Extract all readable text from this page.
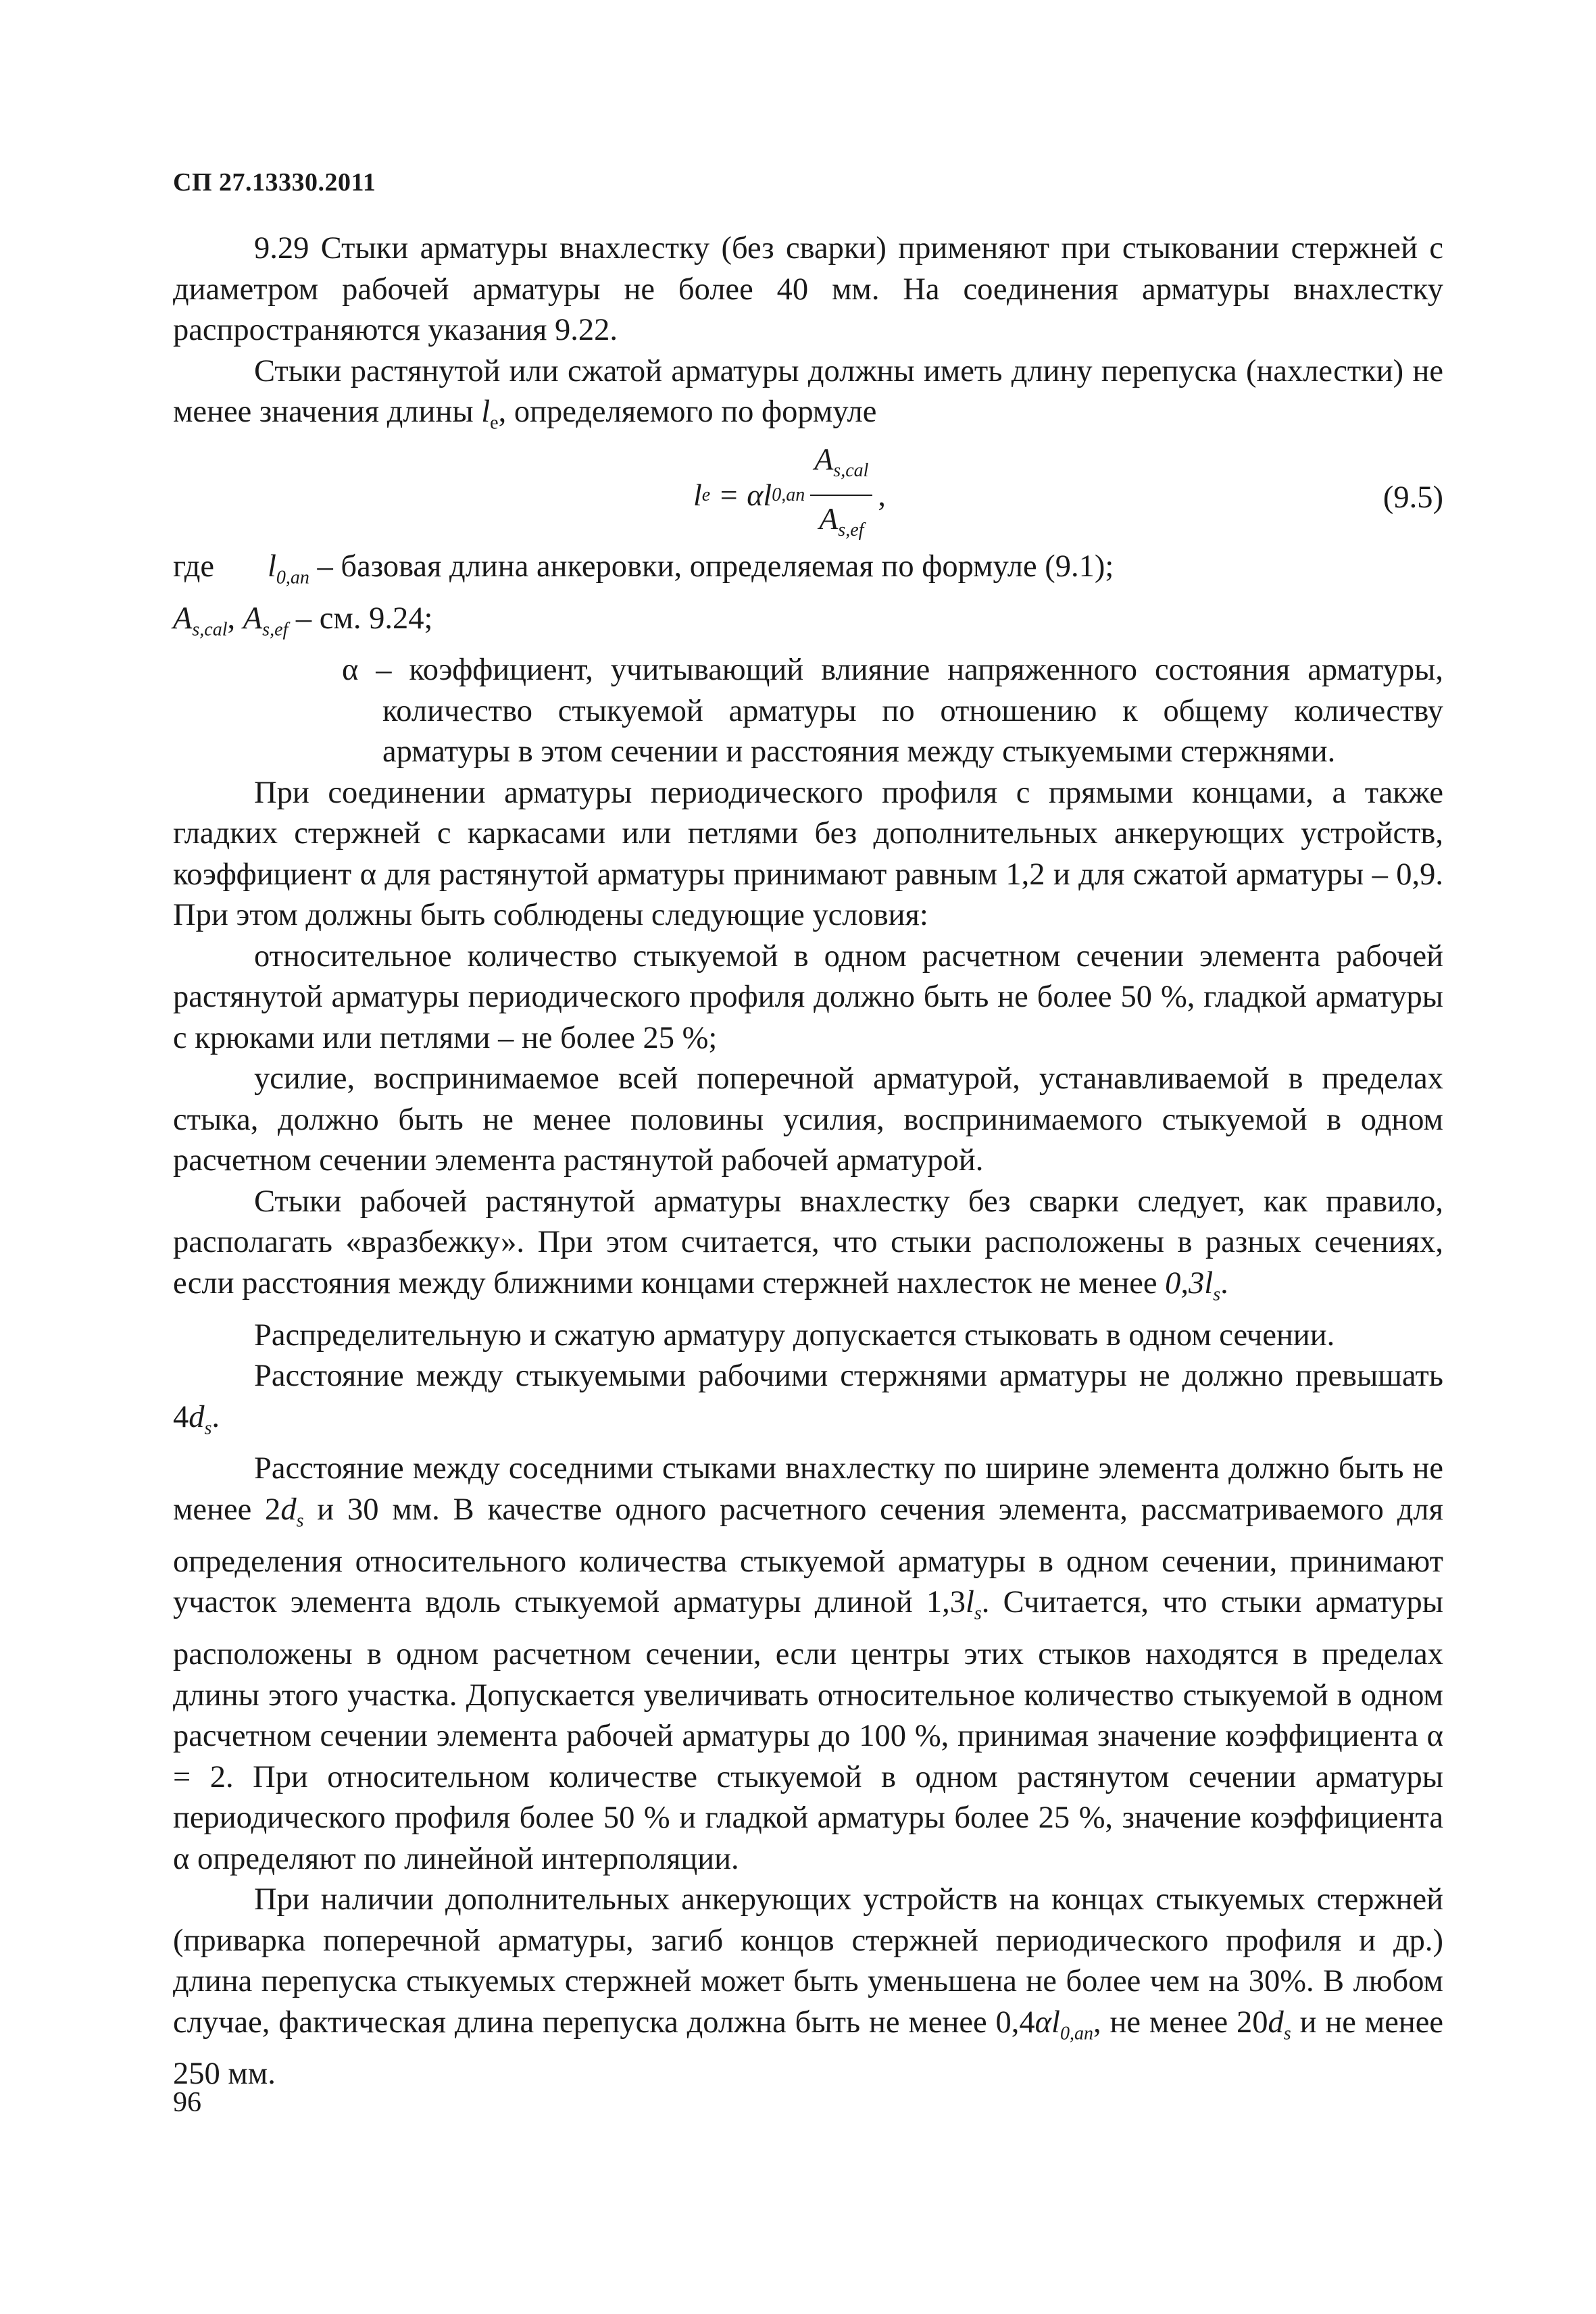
СП 27.13330.2011

9.29 Стыки арматуры внахлестку (без сварки) применяют при стыковании стержней с диаметром рабочей арматуры не более 40 мм. На соединения арматуры внахлестку распространяются указания 9.22.

Стыки растянутой или сжатой арматуры должны иметь длину перепуска (нахлестки) не менее значения длины $l_e$, определяемого по формуле

l e = αl $0,an \frac{A_{s,cal}}{A_{s,ef}}$ ,	(9.5)
где	$l_{0,an}$ – базовая длина анкеровки, определяемая по формуле (9.1);
$A_{s,cal}$, $A_{s,ef}$ – см. 9.24;
α – коэффициент, учитывающий влияние напряженного состояния арматуры, количество стыкуемой арматуры по отношению к общему количеству арматуры в этом сечении и расстояния между стыкуемыми стержнями.

При соединении арматуры периодического профиля с прямыми концами, а также гладких стержней с каркасами или петлями без дополнительных анкерующих устройств, коэффициент α для растянутой арматуры принимают равным 1,2 и для сжатой арматуры – 0,9. При этом должны быть соблюдены следующие условия:

относительное количество стыкуемой в одном расчетном сечении элемента рабочей растянутой арматуры периодического профиля должно быть не более 50 %, гладкой арматуры с крюками или петлями – не более 25 %;

усилие, воспринимаемое всей поперечной арматурой, устанавливаемой в пределах стыка, должно быть не менее половины усилия, воспринимаемого стыкуемой в одном расчетном сечении элемента растянутой рабочей арматурой.

Стыки рабочей растянутой арматуры внахлестку без сварки следует, как правило, располагать «вразбежку». При этом считается, что стыки расположены в разных сечениях, если расстояния между ближними концами стержней нахлесток не менее $0,3l_s$.

Распределительную и сжатую арматуру допускается стыковать в одном сечении.

Расстояние между стыкуемыми рабочими стержнями арматуры не должно превышать $4d_s$.

Расстояние между соседними стыками внахлестку по ширине элемента должно быть не менее $2d_s$ и 30 мм. В качестве одного расчетного сечения элемента, рассматриваемого для определения относительного количества стыкуемой арматуры в одном сечении, принимают участок элемента вдоль стыкуемой арматуры длиной $1,3l_s$. Считается, что стыки арматуры расположены в одном расчетном сечении, если центры этих стыков находятся в пределах длины этого участка. Допускается увеличивать относительное количество стыкуемой в одном расчетном сечении элемента рабочей арматуры до 100 %, принимая значение коэффициента α = 2. При относительном количестве стыкуемой в одном растянутом сечении арматуры периодического профиля более 50 % и гладкой арматуры более 25 %, значение коэффициента α определяют по линейной интерполяции.

При наличии дополнительных анкерующих устройств на концах стыкуемых стержней (приварка поперечной арматуры, загиб концов стержней периодического профиля и др.) длина перепуска стыкуемых стержней может быть уменьшена не более чем на 30%. В любом случае, фактическая длина перепуска должна быть не менее $0,4\alpha l_{0,an}$, не менее $20d_s$ и не менее 250 мм.

96
